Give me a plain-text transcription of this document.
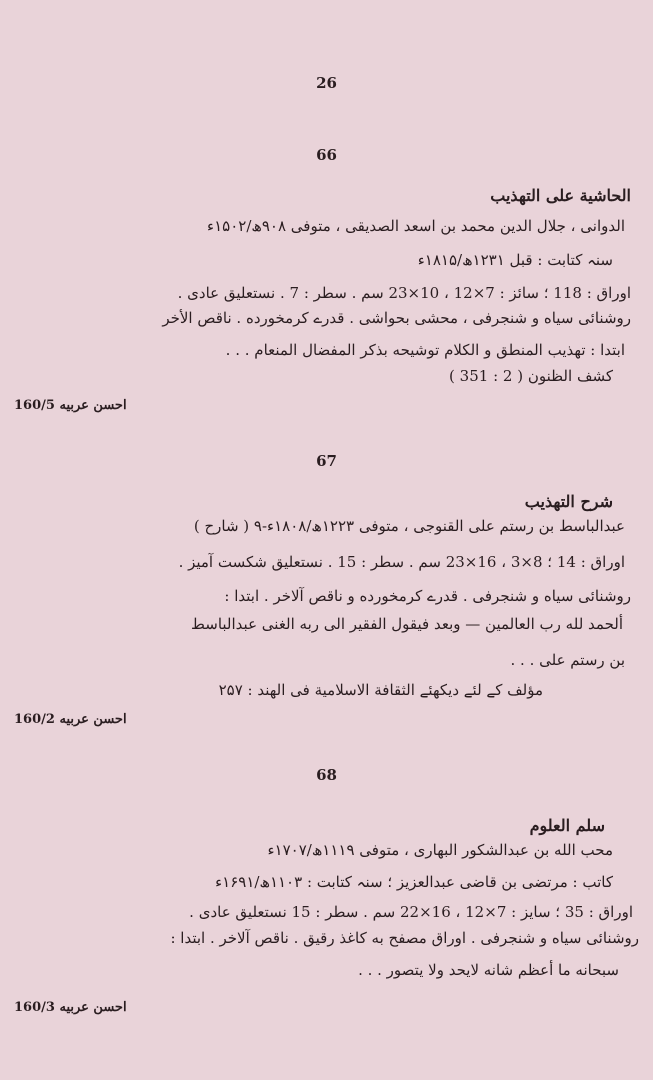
26
66
الحاشية على التهذيب
الدوانی ، جلال الدين محمد بن اسعد الصديقی ، متوفی ۹۰۸ھ/۱۵۰۲ء
سنہ کتابت : قبل ۱۲۳۱ھ/۱۸۱۵ء
اوراق : 118 ؛ سائز : 7×12 ، 10×23 سم . سطر : 7 . نستعليق عادی .
روشنائی سیاه و شنجرفی ، محشی بحواشی . قدرے کرمخورده . ناقص الأخر
ابتدا : تهذيب المنطق و الكلام توشيحه بذكر المفضال المنعام . . .
كشف الظنون ( 2 : 351 )
160/5 احسن عربيه
67
شرح التهذيب
عبدالباسط بن رستم على القنوجی ، متوفی ۱۲۲۳ھ/۱۸۰۸ء-۹ ( شارح )
اوراق : 14 ؛ 8×3 ، 16×23 سم . سطر : 15 . نستعليق شكست آميز .
روشنائی سیاه و شنجرفی . قدرے کرمخورده و ناقص آلاخر . ابتدا :
ألحمد لله رب العالمين — وبعد فيقول الفقير الى ربه الغنی عبدالباسط
بن رستم علی . . .
مؤلف کے لئے دیکھئے الثقافة الاسلامية فی الهند : ۲۵۷
160/2 احسن عربيه
68
سلم العلوم
محب الله بن عبدالشكور البهاری ، متوفی ۱۱۱۹ھ/۱۷۰۷ء
کاتب : مرتضی بن قاضی عبدالعزيز ؛ سنہ کتابت : ۱۱۰۳ھ/۱۶۹۱ء
اوراق : 35 ؛ سایز : 7×12 ، 16×22 سم . سطر : 15 نستعليق عادی .
روشنائی سیاه و شنجرفی . اوراق مصفح به كاغذ رقيق . ناقص آلاخر . ابتدا :
سبحانه ما أعظم شانه لايحد ولا يتصور . . .
160/3 احسن عربيه
